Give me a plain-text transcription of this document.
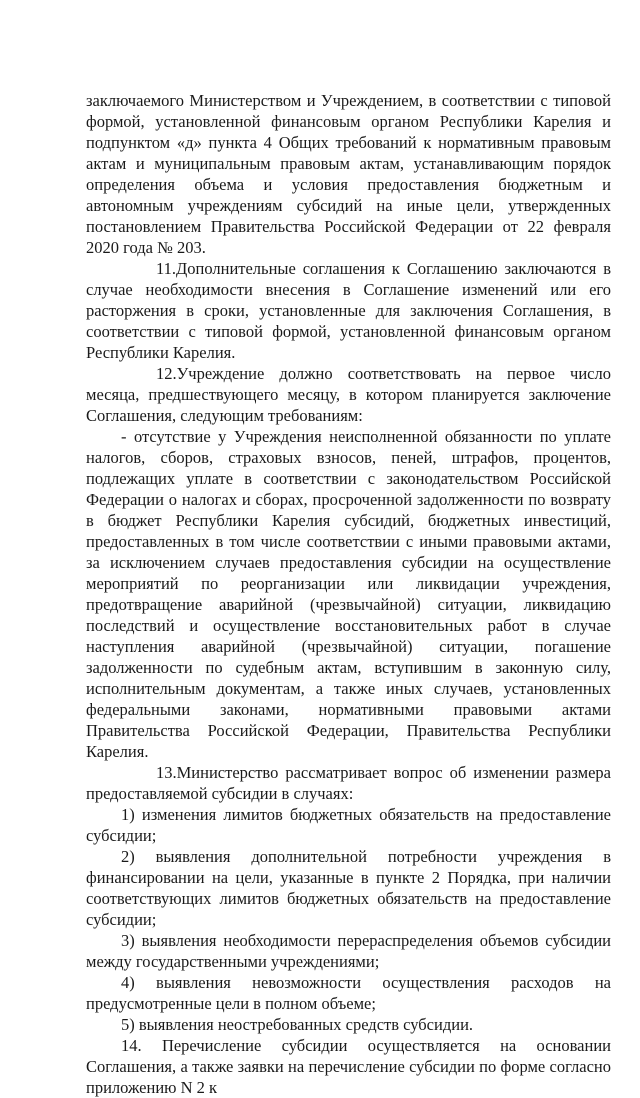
заключаемого Министерством и Учреждением, в соответствии с типовой формой, установленной финансовым органом Республики Карелия и подпунктом «д» пункта 4 Общих требований к нормативным правовым актам и муниципальным правовым актам, устанавливающим порядок определения объема и условия предоставления бюджетным и автономным учреждениям субсидий на иные цели, утвержденных постановлением Правительства Российской Федерации от 22 февраля 2020 года № 203.

11.Дополнительные соглашения к Соглашению заключаются в случае необходимости внесения в Соглашение изменений или его расторжения в сроки, установленные для заключения Соглашения, в соответствии с типовой формой, установленной финансовым органом Республики Карелия.

12.Учреждение должно соответствовать на первое число месяца, предшествующего месяцу, в котором планируется заключение Соглашения, следующим требованиям:

- отсутствие у Учреждения неисполненной обязанности по уплате налогов, сборов, страховых взносов, пеней, штрафов, процентов, подлежащих уплате в соответствии с законодательством Российской Федерации о налогах и сборах, просроченной задолженности по возврату в бюджет Республики Карелия субсидий, бюджетных инвестиций, предоставленных в том числе соответствии с иными правовыми актами, за исключением случаев предоставления субсидии на осуществление мероприятий по реорганизации или ликвидации учреждения, предотвращение аварийной (чрезвычайной) ситуации, ликвидацию последствий и осуществление восстановительных работ в случае наступления аварийной (чрезвычайной) ситуации, погашение задолженности по судебным актам, вступившим в законную силу, исполнительным документам, а также иных случаев, установленных федеральными законами, нормативными правовыми актами Правительства Российской Федерации, Правительства Республики Карелия.

13.Министерство рассматривает вопрос об изменении размера предоставляемой субсидии в случаях:

1) изменения лимитов бюджетных обязательств на предоставление субсидии;

2) выявления дополнительной потребности учреждения в финансировании на цели, указанные в пункте 2 Порядка, при наличии соответствующих лимитов бюджетных обязательств на предоставление субсидии;

3) выявления необходимости перераспределения объемов субсидии между государственными учреждениями;

4) выявления невозможности осуществления расходов на предусмотренные цели в полном объеме;

5) выявления неостребованных средств субсидии.

14. Перечисление субсидии осуществляется на основании Соглашения, а также заявки на перечисление субсидии по форме согласно приложению N 2 к
